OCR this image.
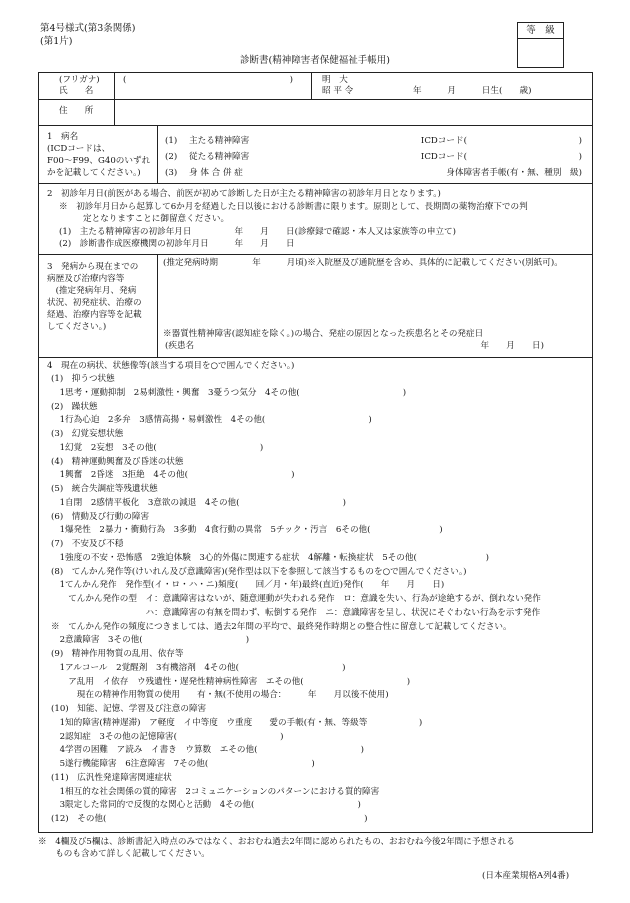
第4号様式(第3条関係)
(第1片)
等　級
診断書(精神障害者保健福祉手帳用)
(フリガナ)
氏　　名
(　　　　　　　　　　　　　　　　　　　)	明　大
昭 平 令	年　　　月　　　日生(　　歳)
住　　所
1　病名
(ICDコードは、
F00～F99、G40のいずれ
かを記載してください。)
(1) 主たる精神障害	ICDコード(　　　　　　　　　　　　　)
(2) 従たる精神障害	ICDコード(　　　　　　　　　　　　　)
(3) 身 体 合 併 症	身体障害者手帳(有・無、種別　級)
2　初診年月日(前医がある場合、前医が初めて診断した日が主たる精神障害の初診年月日となります。)
※　初診年月日から起算して6か月を経過した日以後における診断書に限ります。原則として、長期間の薬物治療下での判
定となりますことに御留意ください。
(1)　主たる精神障害の初診年月日　　　　　年　　月　　日(診療録で確認・本人又は家族等の申立て)
(2)　診断書作成医療機関の初診年月日　　　年　　月　　日
3　発病から現在までの
病歴及び治療内容等
　(推定発病年月、発病
状況、初発症状、治療の
経過、治療内容等を記載
してください。)
(推定発病時期　　　　年　　　月頃)※入院歴及び通院歴を含め、具体的に記載してください(別紙可)。
※器質性精神障害(認知症を除く。)の場合、発症の原因となった疾患名とその発症日
(疾患名	年　　月　　日)
4　現在の病状、状態像等(該当する項目を○で囲んでください。)
(1)　抑うつ状態
　1思考・運動抑制　2易刺激性・興奮　3憂うつ気分　4その他(　　　　　　　　　　　　)
(2)　躁状態
　1行為心迫　2多弁　3感情高揚・易刺激性　4その他(　　　　　　　　　　　　)
(3)　幻覚妄想状態
　1幻覚　2妄想　3その他(　　　　　　　　　　　　)
(4)　精神運動興奮及び昏迷の状態
　1興奮　2昏迷　3拒絶　4その他(　　　　　　　　　　　　)
(5)　統合失調症等残遺状態
　1自閉　2感情平板化　3意欲の減退　4その他(　　　　　　　　　　　　)
(6)　情動及び行動の障害
　1爆発性　2暴力・衝動行為　3多動　4食行動の異常　5チック・汚言　6その他(　　　　　　　　)
(7)　不安及び不穏
　1強度の不安・恐怖感　2強迫体験　3心的外傷に関連する症状　4解離・転換症状　5その他(　　　　　　　　)
(8)　てんかん発作等(けいれん及び意識障害)(発作型は以下を参照して該当するものを○で囲んでください。)
　1てんかん発作　発作型(イ・ロ・ハ・ニ)頻度(　　回／月・年)最終(直近)発作(　　年　　月　　日)
　　てんかん発作の型　イ：意識障害はないが、随意運動が失われる発作　ロ：意識を失い、行為が途絶するが、倒れない発作
　　　　　　　　　　　ハ：意識障害の有無を問わず、転倒する発作　ニ：意識障害を呈し、状況にそぐわない行為を示す発作
※　てんかん発作の頻度につきましては、過去2年間の平均で、最終発作時期との整合性に留意して記載してください。
　2意識障害　3その他(　　　　　　　　　　　　)
(9)　精神作用物質の乱用、依存等
　1アルコール　2覚醒剤　3有機溶剤　4その他(　　　　　　　　　　　　)
　　ア乱用　イ依存　ウ残遺性・遅発性精神病性障害　エその他(　　　　　　　　　　　　)
　　　現在の精神作用物質の使用　　有・無(不使用の場合：　　　年　　月以後不使用)
(10)　知能、記憶、学習及び注意の障害
　1知的障害(精神遅滞)　ア軽度　イ中等度　ウ重度　　愛の手帳(有・無、等級等　　　　　　)
　2認知症　3その他の記憶障害(　　　　　　　　　　　　)
　4学習の困難　ア読み　イ書き　ウ算数　エその他(　　　　　　　　　　　　)
　5遂行機能障害　6注意障害　7その他(　　　　　　　　　　　　)
(11)　広汎性発達障害関連症状
　1相互的な社会関係の質的障害　2コミュニケーションのパターンにおける質的障害
　3限定した常同的で反復的な関心と活動　4その他(　　　　　　　　　　　　)
(12)　その他(　　　　　　　　　　　　　　　　　　　　　　　　　　　　　　)
※　4欄及び5欄は、診断書記入時点のみではなく、おおむね過去2年間に認められたもの、おおむね今後2年間に予想される
　　ものも含めて詳しく記載してください。
(日本産業規格A列4番)
